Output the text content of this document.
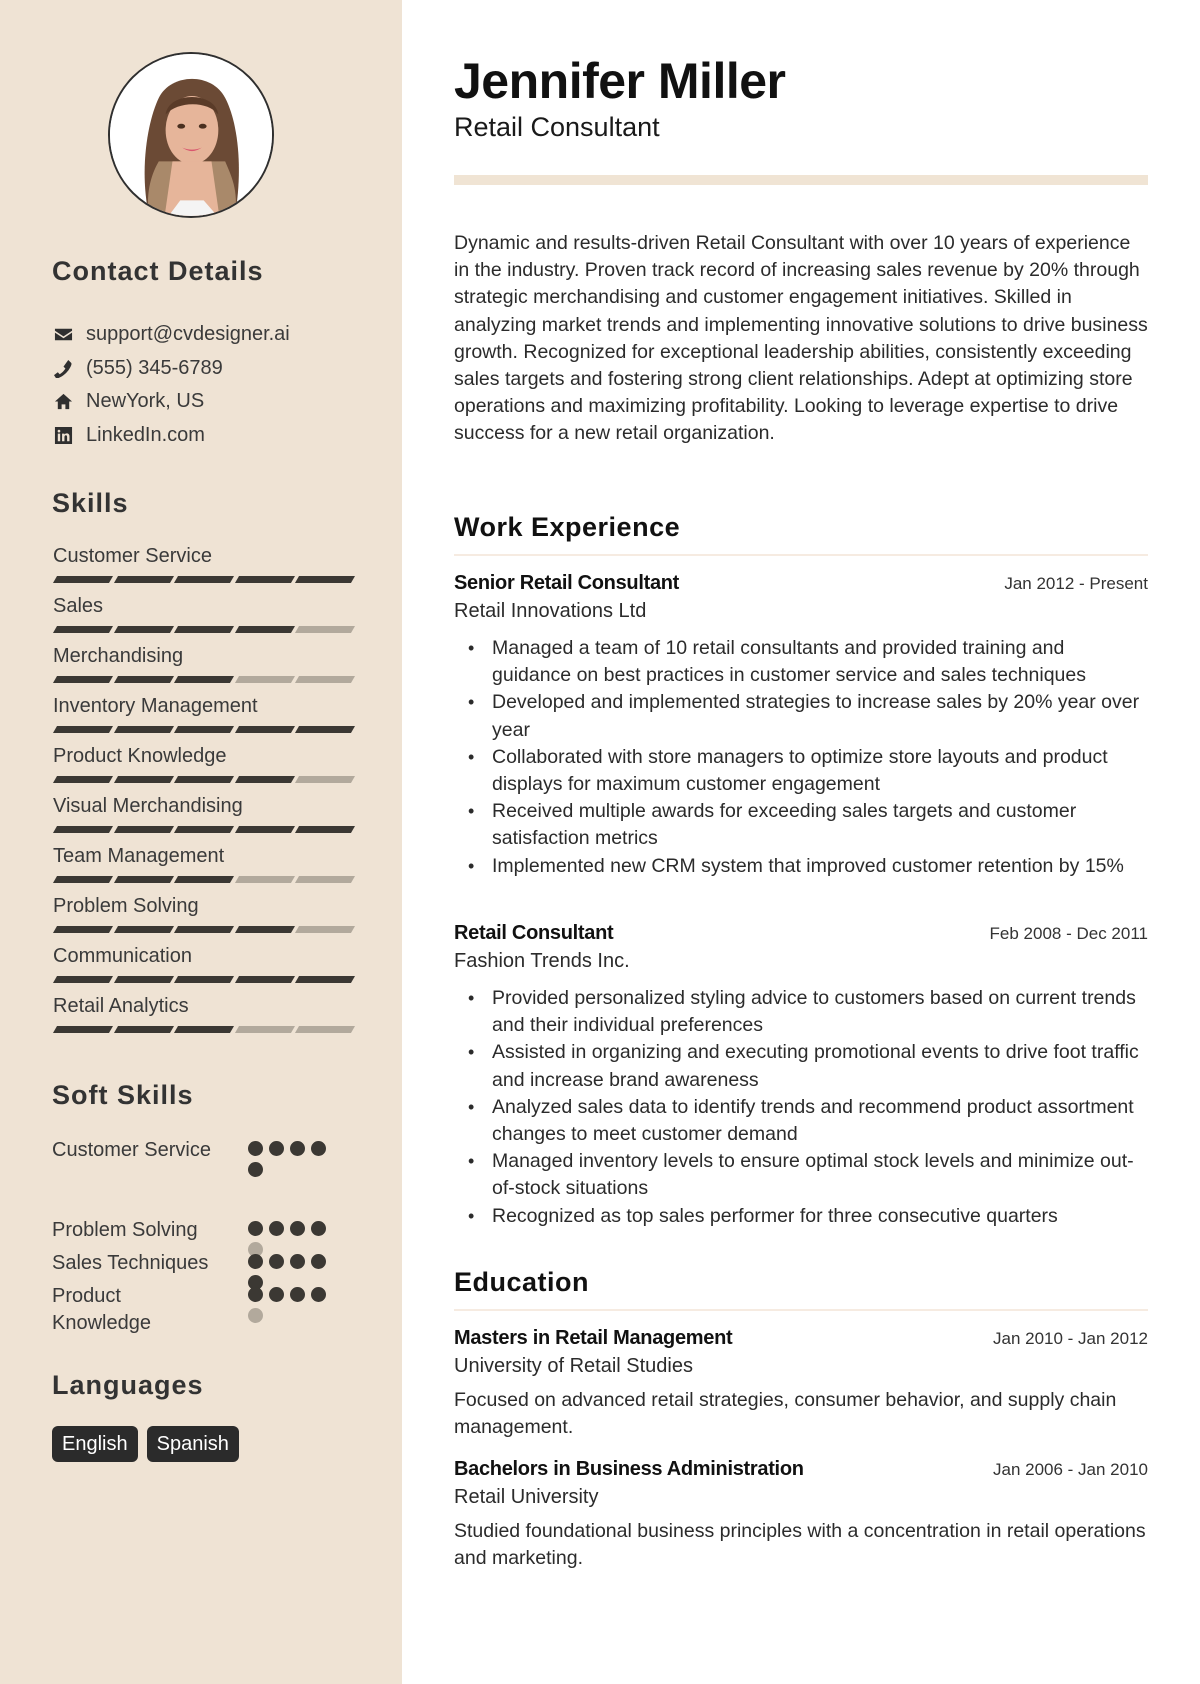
Contact Details
support@cvdesigner.ai
(555) 345-6789
NewYork, US
LinkedIn.com
Skills
Customer Service
Sales
Merchandising
Inventory Management
Product Knowledge
Visual Merchandising
Team Management
Problem Solving
Communication
Retail Analytics
Soft Skills
Customer Service
Problem Solving
Sales Techniques
Product Knowledge
Languages
English	Spanish
Jennifer Miller
Retail Consultant

Dynamic and results-driven Retail Consultant with over 10 years of experience in the industry. Proven track record of increasing sales revenue by 20% through strategic merchandising and customer engagement initiatives. Skilled in analyzing market trends and implementing innovative solutions to drive business growth. Recognized for exceptional leadership abilities, consistently exceeding sales targets and fostering strong client relationships. Adept at optimizing store operations and maximizing profitability. Looking to leverage expertise to drive success for a new retail organization.

Work Experience
Senior Retail Consultant	Jan 2012 - Present
Retail Innovations Ltd
• Managed a team of 10 retail consultants and provided training and guidance on best practices in customer service and sales techniques
• Developed and implemented strategies to increase sales by 20% year over year
• Collaborated with store managers to optimize store layouts and product displays for maximum customer engagement
• Received multiple awards for exceeding sales targets and customer satisfaction metrics
• Implemented new CRM system that improved customer retention by 15%
Retail Consultant	Feb 2008 - Dec 2011
Fashion Trends Inc.
• Provided personalized styling advice to customers based on current trends and their individual preferences
• Assisted in organizing and executing promotional events to drive foot traffic and increase brand awareness
• Analyzed sales data to identify trends and recommend product assortment changes to meet customer demand
• Managed inventory levels to ensure optimal stock levels and minimize out-of-stock situations
• Recognized as top sales performer for three consecutive quarters
Education
Masters in Retail Management	Jan 2010 - Jan 2012
University of Retail Studies

Focused on advanced retail strategies, consumer behavior, and supply chain management.

Bachelors in Business Administration	Jan 2006 - Jan 2010
Retail University

Studied foundational business principles with a concentration in retail operations and marketing.
